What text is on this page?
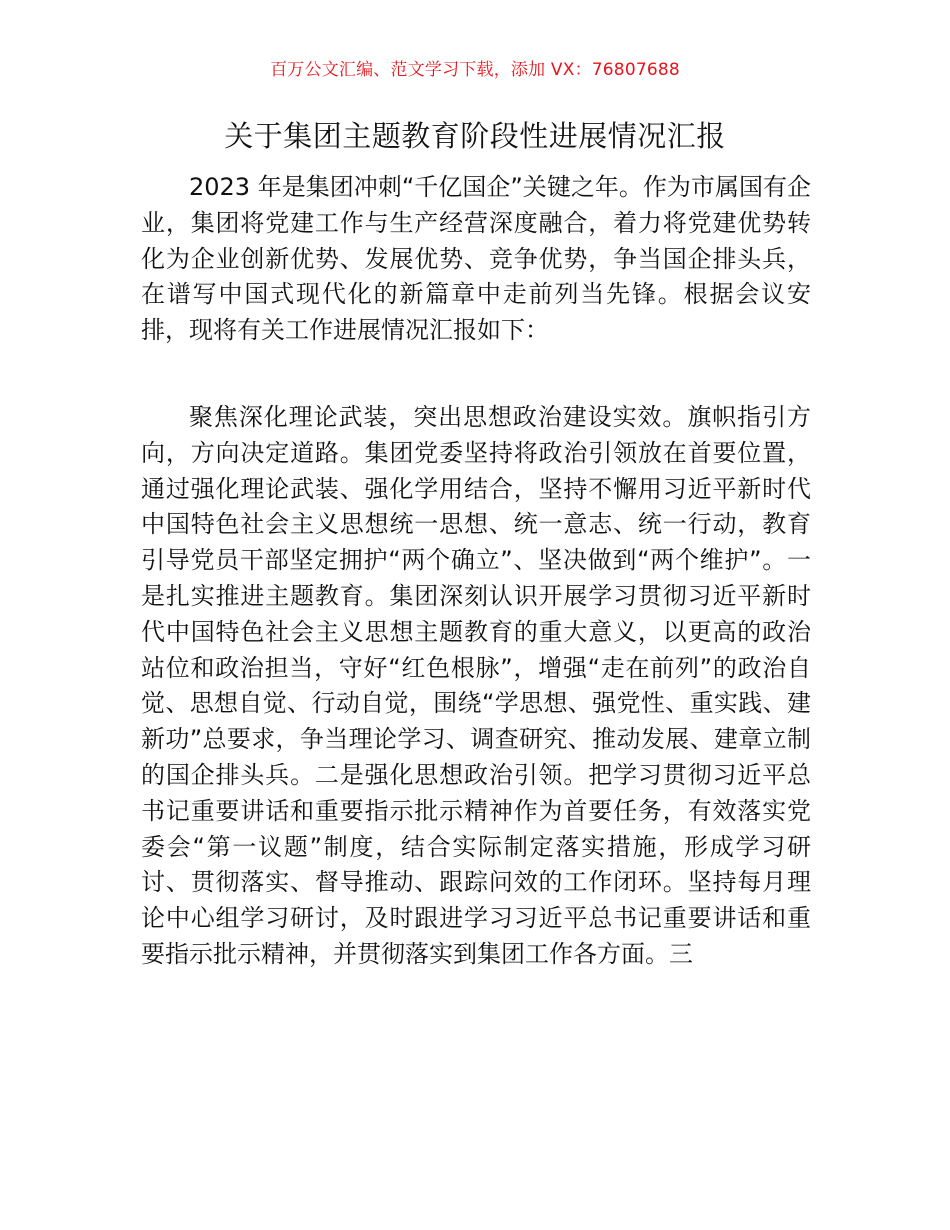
百万公文汇编、范文学习下载，添加 VX：76807688
关于集团主题教育阶段性进展情况汇报
2023 年是集团冲刺“千亿国企”关键之年。作为市属国有企业，集团将党建工作与生产经营深度融合，着力将党建优势转化为企业创新优势、发展优势、竞争优势，争当国企排头兵，在谱写中国式现代化的新篇章中走前列当先锋。根据会议安排，现将有关工作进展情况汇报如下：
聚焦深化理论武装，突出思想政治建设实效。旗帜指引方向，方向决定道路。集团党委坚持将政治引领放在首要位置，通过强化理论武装、强化学用结合，坚持不懈用习近平新时代中国特色社会主义思想统一思想、统一意志、统一行动，教育引导党员干部坚定拥护“两个确立”、坚决做到“两个维护”。一是扎实推进主题教育。集团深刻认识开展学习贯彻习近平新时代中国特色社会主义思想主题教育的重大意义，以更高的政治站位和政治担当，守好“红色根脉”，增强“走在前列”的政治自觉、思想自觉、行动自觉，围绕“学思想、强党性、重实践、建新功”总要求，争当理论学习、调查研究、推动发展、建章立制的国企排头兵。二是强化思想政治引领。把学习贯彻习近平总书记重要讲话和重要指示批示精神作为首要任务，有效落实党委会“第一议题”制度，结合实际制定落实措施，形成学习研讨、贯彻落实、督导推动、跟踪问效的工作闭环。坚持每月理论中心组学习研讨，及时跟进学习习近平总书记重要讲话和重要指示批示精神，并贯彻落实到集团工作各方面。三
